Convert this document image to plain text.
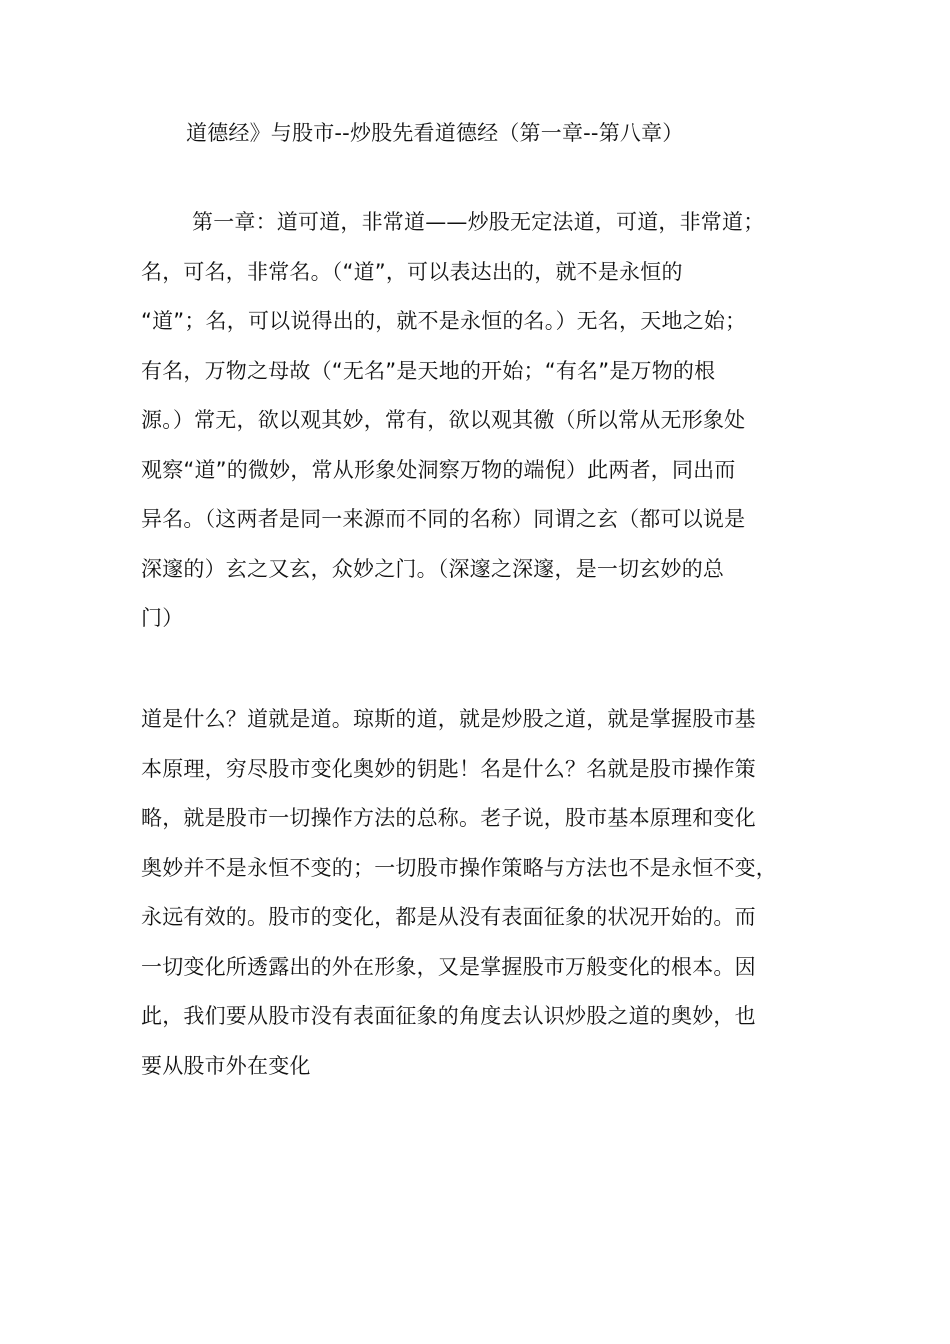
道德经》与股市--炒股先看道德经（第一章--第八章）
第一章：道可道，非常道——炒股无定法道，可道，非常道；
名，可名，非常名。（“道”，可以表达出的，就不是永恒的
“道”；名，可以说得出的，就不是永恒的名。）无名，天地之始；
有名，万物之母故（“无名”是天地的开始；“有名”是万物的根
源。）常无，欲以观其妙，常有，欲以观其徼（所以常从无形象处
观察“道”的微妙，常从形象处洞察万物的端倪）此两者，同出而
异名。（这两者是同一来源而不同的名称）同谓之玄（都可以说是
深邃的）玄之又玄，众妙之门。（深邃之深邃，是一切玄妙的总
门）
道是什么？道就是道。琼斯的道，就是炒股之道，就是掌握股市基
本原理，穷尽股市变化奥妙的钥匙！名是什么？名就是股市操作策
略，就是股市一切操作方法的总称。老子说，股市基本原理和变化
奥妙并不是永恒不变的；一切股市操作策略与方法也不是永恒不变，
永远有效的。股市的变化，都是从没有表面征象的状况开始的。而
一切变化所透露出的外在形象，又是掌握股市万般变化的根本。因
此，我们要从股市没有表面征象的角度去认识炒股之道的奥妙，也
要从股市外在变化
